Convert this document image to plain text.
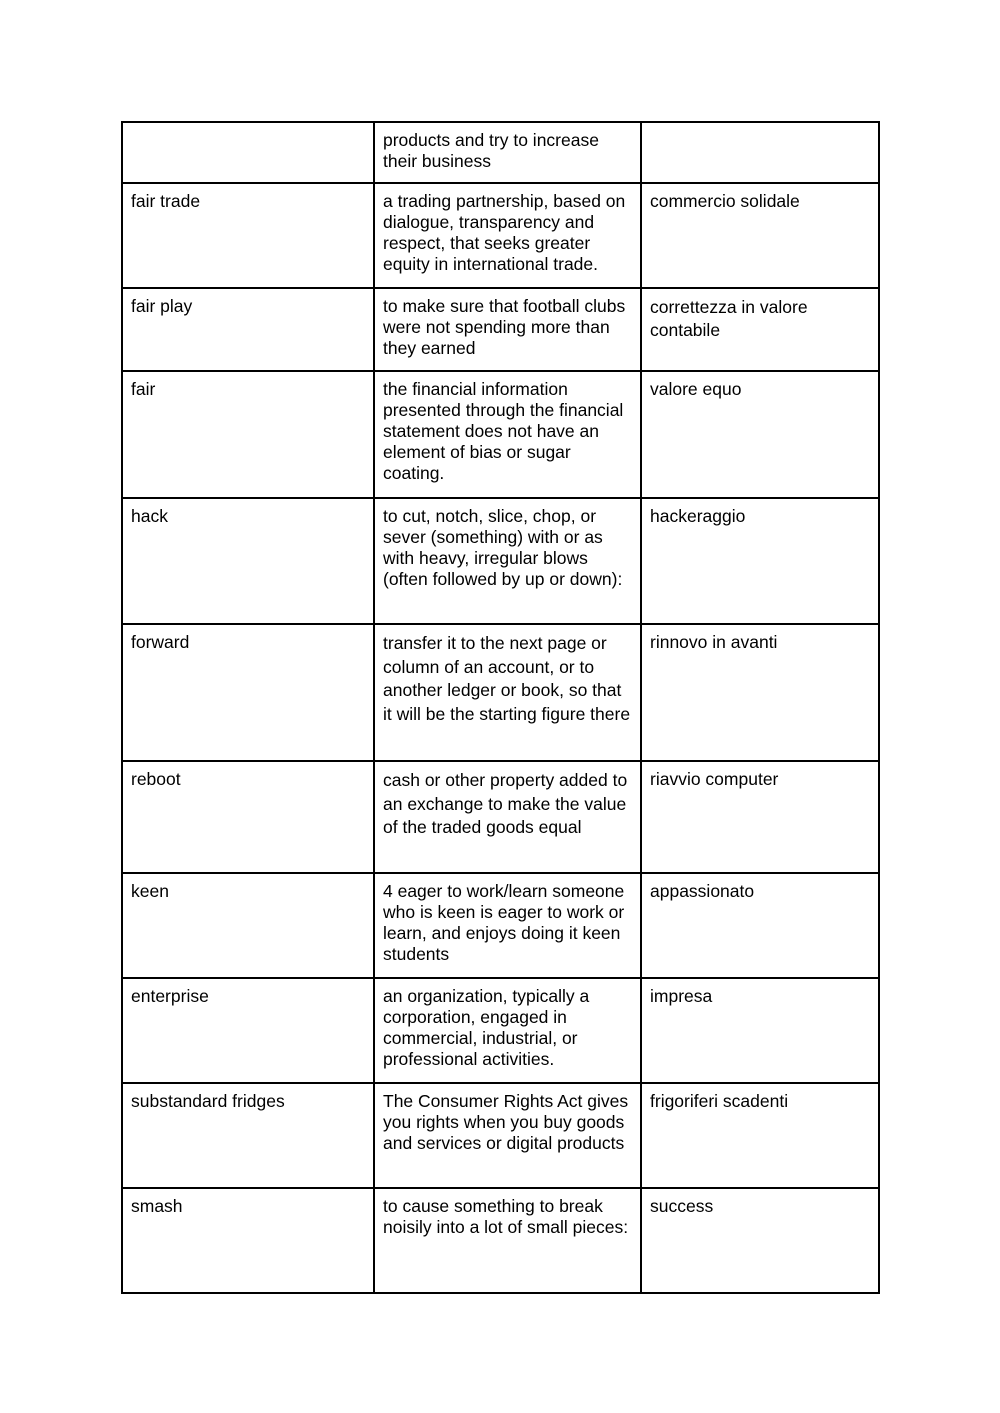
	products and try to increase their business	
fair trade	a trading partnership, based on dialogue, transparency and respect, that seeks greater equity in international trade.	commercio solidale
fair play	to make sure that football clubs were not spending more than they earned	correttezza in valore contabile
fair	the financial information presented through the financial statement does not have an element of bias or sugar coating.	valore equo
hack	to cut, notch, slice, chop, or sever (something) with or as with heavy, irregular blows (often followed by up or down):	hackeraggio
forward	transfer it to the next page or column of an account, or to another ledger or book, so that it will be the starting figure there	rinnovo in avanti
reboot	cash or other property added to an exchange to make the value of the traded goods equal	riavvio computer
keen	4 eager to work/learn someone who is keen is eager to work or learn, and enjoys doing it keen students	appassionato
enterprise	an organization, typically a corporation, engaged in commercial, industrial, or professional activities.	impresa
substandard fridges	The Consumer Rights Act gives you rights when you buy goods and services or digital products	frigoriferi scadenti
smash	to cause something to break noisily into a lot of small pieces:	success
